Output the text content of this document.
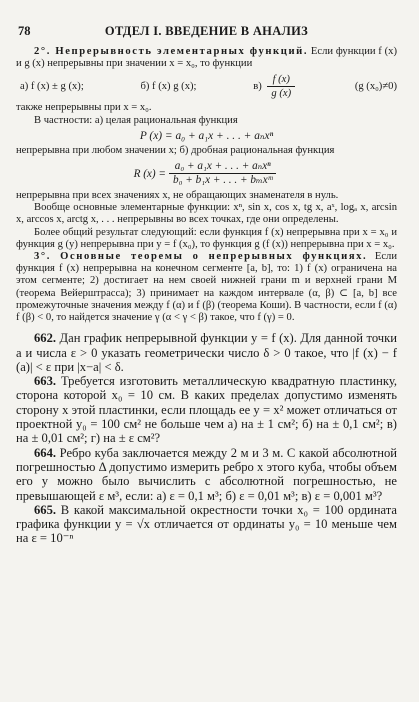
78	ОТДЕЛ I. ВВЕДЕНИЕ В АНАЛИЗ

2°. Непрерывность элементарных функций. Если функции f (x) и g (x) непрерывны при значении x = x₀, то функции

а) f (x) ± g (x);	б) f (x) g (x);	$в) \frac{f (x)}{g (x)}$	(g (x₀)≠0)

также непрерывны при x = x₀.

В частности: а) целая рациональная функция

P (x) = a₀ + a₁x + . . . + aₙxⁿ

непрерывна при любом значении x; б) дробная рациональная функция

R $(x) = \frac{\text{a₀ + a₁x + . . . + aₙxⁿ}}{\text{b₀ + b₁x + . . . + bₘxᵐ}}$

непрерывна при всех значениях x, не обращающих знаменателя в нуль.

Вообще основные элементарные функции: xⁿ, sin x, cos x, tg x, aˣ, logₐ x, arcsin x, arccos x, arctg x, . . . непрерывны во всех точках, где они определены.

Более общий результат следующий: если функция f (x) непрерывна при x = x₀ и функция g (y) непрерывна при y = f (x₀), то функция g (f (x)) непрерывна при x = x₀.

3°. Основные теоремы о непрерывных функциях. Если функция f (x) непрерывна на конечном сегменте [a, b], то: 1) f (x) ограничена на этом сегменте; 2) достигает на нем своей нижней грани m и верхней грани M (теорема Вейерштрасса); 3) принимает на каждом интервале (α, β) ⊂ [a, b] все промежуточные значения между f (α) и f (β) (теорема Коши). В частности, если f (α) f (β) < 0, то найдется значение γ (α < γ < β) такое, что f (γ) = 0.

662. Дан график непрерывной функции y = f (x). Для данной точки a и числа ε > 0 указать геометрически число δ > 0 такое, что |f (x) − f (a)| < ε при |x−a| < δ.

663. Требуется изготовить металлическую квадратную пластинку, сторона которой x₀ = 10 см. В каких пределах допустимо изменять сторону x этой пластинки, если площадь ее y = x² может отличаться от проектной y₀ = 100 см² не больше чем а) на ± 1 см²; б) на ± 0,1 см²; в) на ± 0,01 см²; г) на ± ε см²?

664. Ребро куба заключается между 2 м и 3 м. С какой абсолютной погрешностью Δ допустимо измерить ребро x этого куба, чтобы объем его y можно было вычислить с абсолютной погрешностью, не превышающей ε м³, если: а) ε = 0,1 м³; б) ε = 0,01 м³; в) ε = 0,001 м³?

665. В какой максимальной окрестности точки x₀ = 100 ордината графика функции y = √x отличается от ординаты y₀ = 10 меньше чем на ε = 10⁻ⁿ
